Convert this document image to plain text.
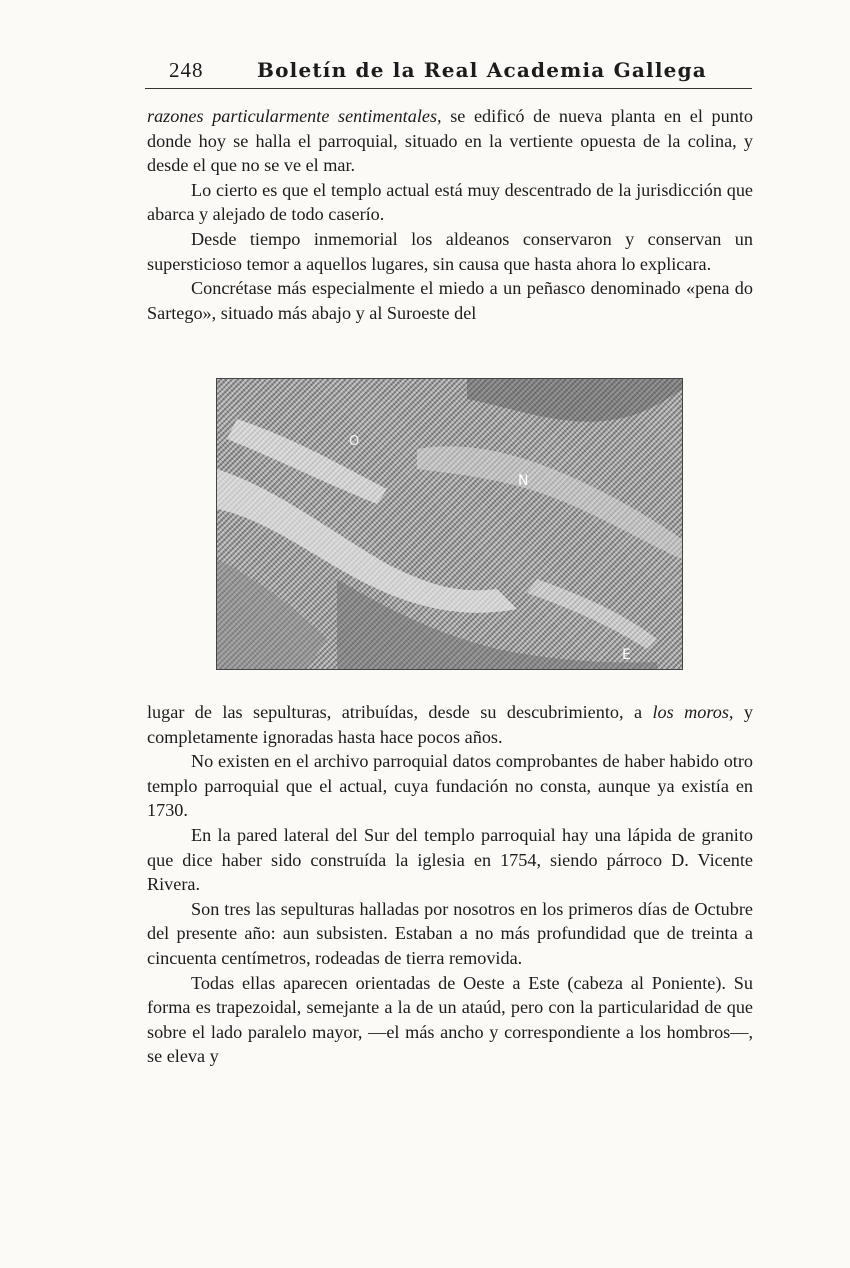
248	Boletín de la Real Academia Gallega

razones particularmente sentimentales, se edificó de nueva planta en el punto donde hoy se halla el parroquial, situado en la vertiente opuesta de la colina, y desde el que no se ve el mar.

Lo cierto es que el templo actual está muy descentrado de la jurisdicción que abarca y alejado de todo caserío.

Desde tiempo inmemorial los aldeanos conservaron y conservan un supersticioso temor a aquellos lugares, sin causa que hasta ahora lo explicara.

Concrétase más especialmente el miedo a un peñasco denominado «pena do Sartego», situado más abajo y al Suroeste del

O
N
E

lugar de las sepulturas, atribuídas, desde su descubrimiento, a los moros, y completamente ignoradas hasta hace pocos años.

No existen en el archivo parroquial datos comprobantes de haber habido otro templo parroquial que el actual, cuya fundación no consta, aunque ya existía en 1730.

En la pared lateral del Sur del templo parroquial hay una lápida de granito que dice haber sido construída la iglesia en 1754, siendo párroco D. Vicente Rivera.

Son tres las sepulturas halladas por nosotros en los primeros días de Octubre del presente año: aun subsisten. Estaban a no más profundidad que de treinta a cincuenta centímetros, rodeadas de tierra removida.

Todas ellas aparecen orientadas de Oeste a Este (cabeza al Poniente). Su forma es trapezoidal, semejante a la de un ataúd, pero con la particularidad de que sobre el lado paralelo mayor, —el más ancho y correspondiente a los hombros—, se eleva y
